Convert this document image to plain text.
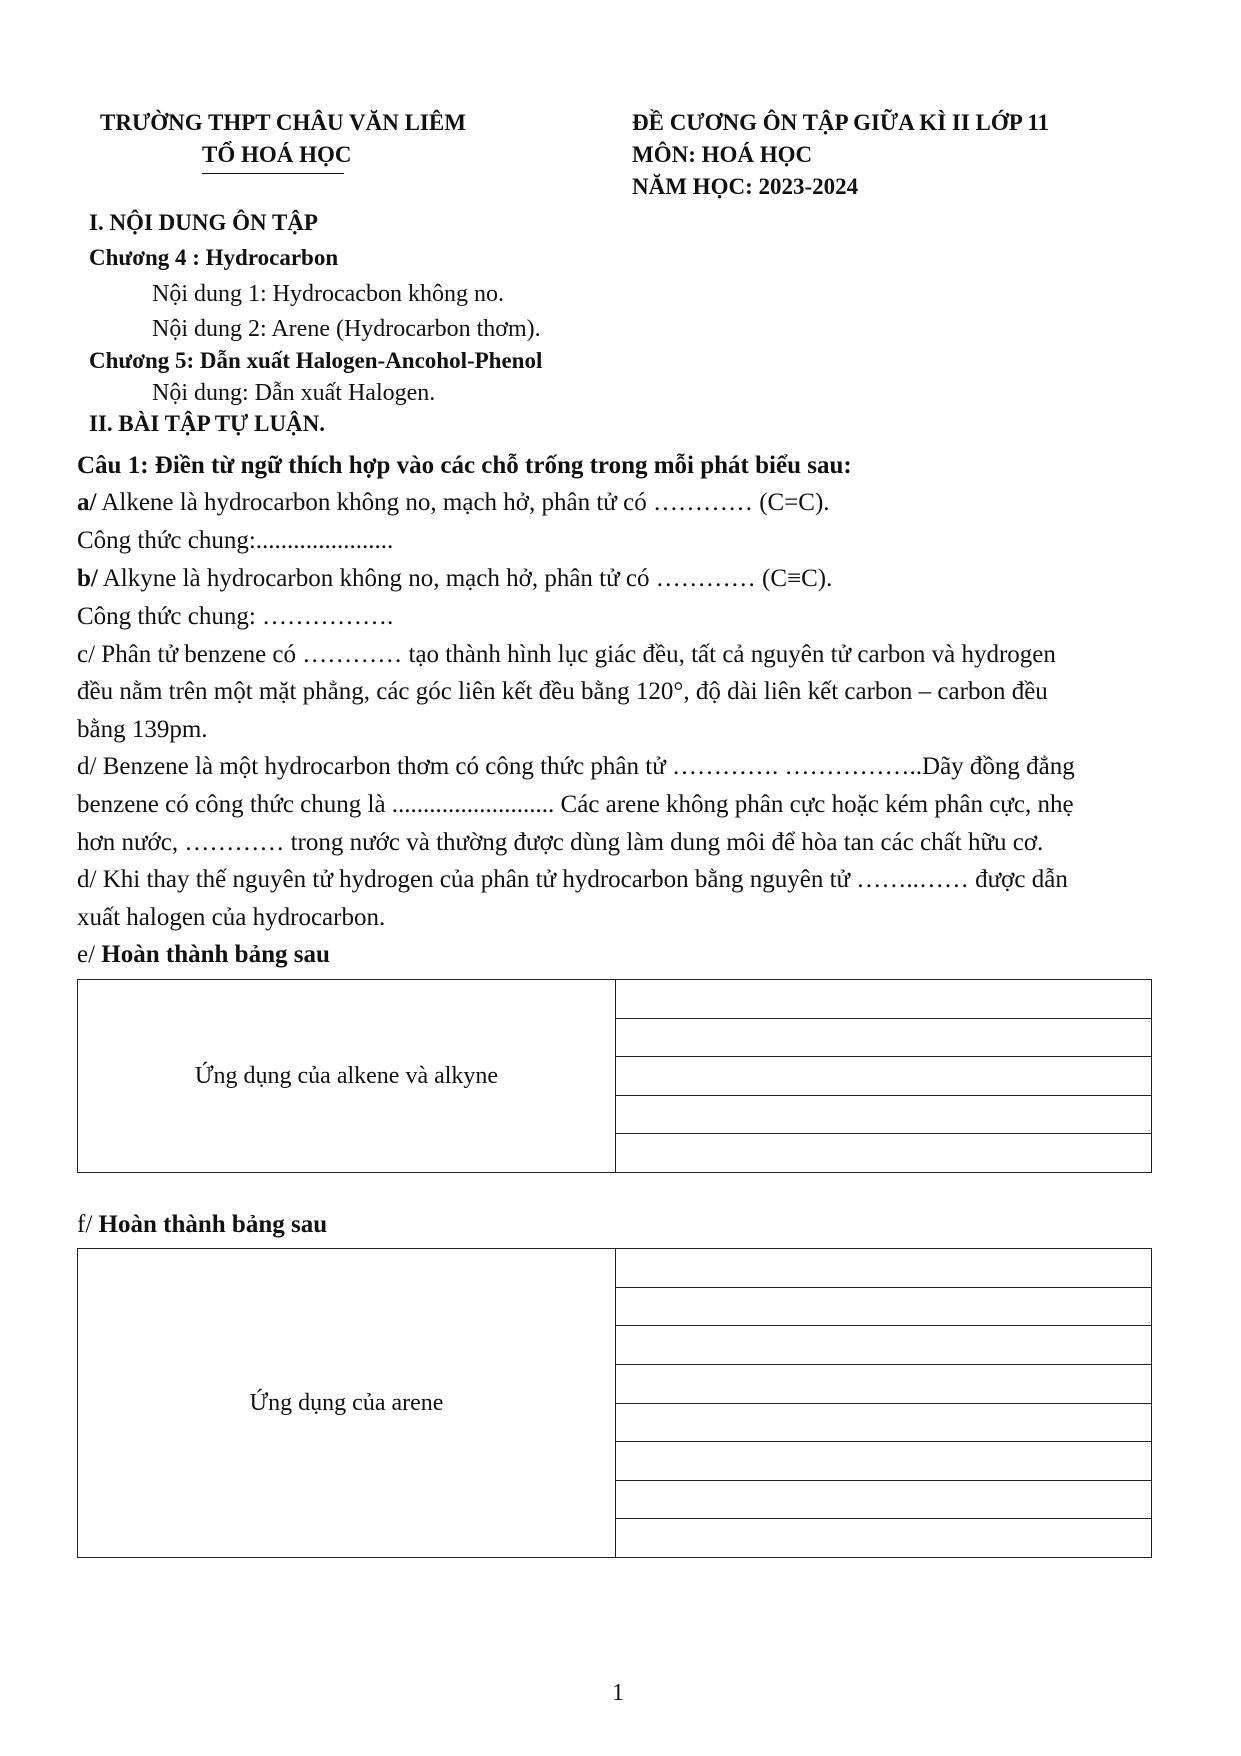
TRƯỜNG THPT CHÂU VĂN LIÊM
TỔ HOÁ HỌC
ĐỀ CƯƠNG ÔN TẬP GIỮA KÌ II LỚP 11
MÔN: HOÁ HỌC
NĂM HỌC: 2023-2024
I. NỘI DUNG ÔN TẬP
Chương 4 : Hydrocarbon
Nội dung 1: Hydrocacbon không no.
Nội dung 2: Arene (Hydrocarbon thơm).
Chương 5: Dẫn xuất Halogen-Ancohol-Phenol
Nội dung: Dẫn xuất Halogen.
II. BÀI TẬP TỰ LUẬN.
Câu 1: Điền từ ngữ thích hợp vào các chỗ trống trong mỗi phát biểu sau:
a/ Alkene là hydrocarbon không no, mạch hở, phân tử có ………… (C=C).
Công thức chung:......................
b/ Alkyne là hydrocarbon không no, mạch hở, phân tử có ………… (C≡C).
Công thức chung: …………….
c/ Phân tử benzene có ………… tạo thành hình lục giác đều, tất cả nguyên tử carbon và hydrogen
đều nằm trên một mặt phẳng, các góc liên kết đều bằng 120°, độ dài liên kết carbon – carbon đều
bằng 139pm.
d/ Benzene là một hydrocarbon thơm có công thức phân tử …………. ……………..Dãy đồng đẳng
benzene có công thức chung là .......................... Các arene không phân cực hoặc kém phân cực, nhẹ
hơn nước, ………… trong nước và thường được dùng làm dung môi để hòa tan các chất hữu cơ.
d/ Khi thay thế nguyên tử hydrogen của phân tử hydrocarbon bằng nguyên tử ……..…… được dẫn
xuất halogen của hydrocarbon.
e/ Hoàn thành bảng sau
Ứng dụng của alkene và alkyne
f/ Hoàn thành bảng sau
Ứng dụng của arene
1
